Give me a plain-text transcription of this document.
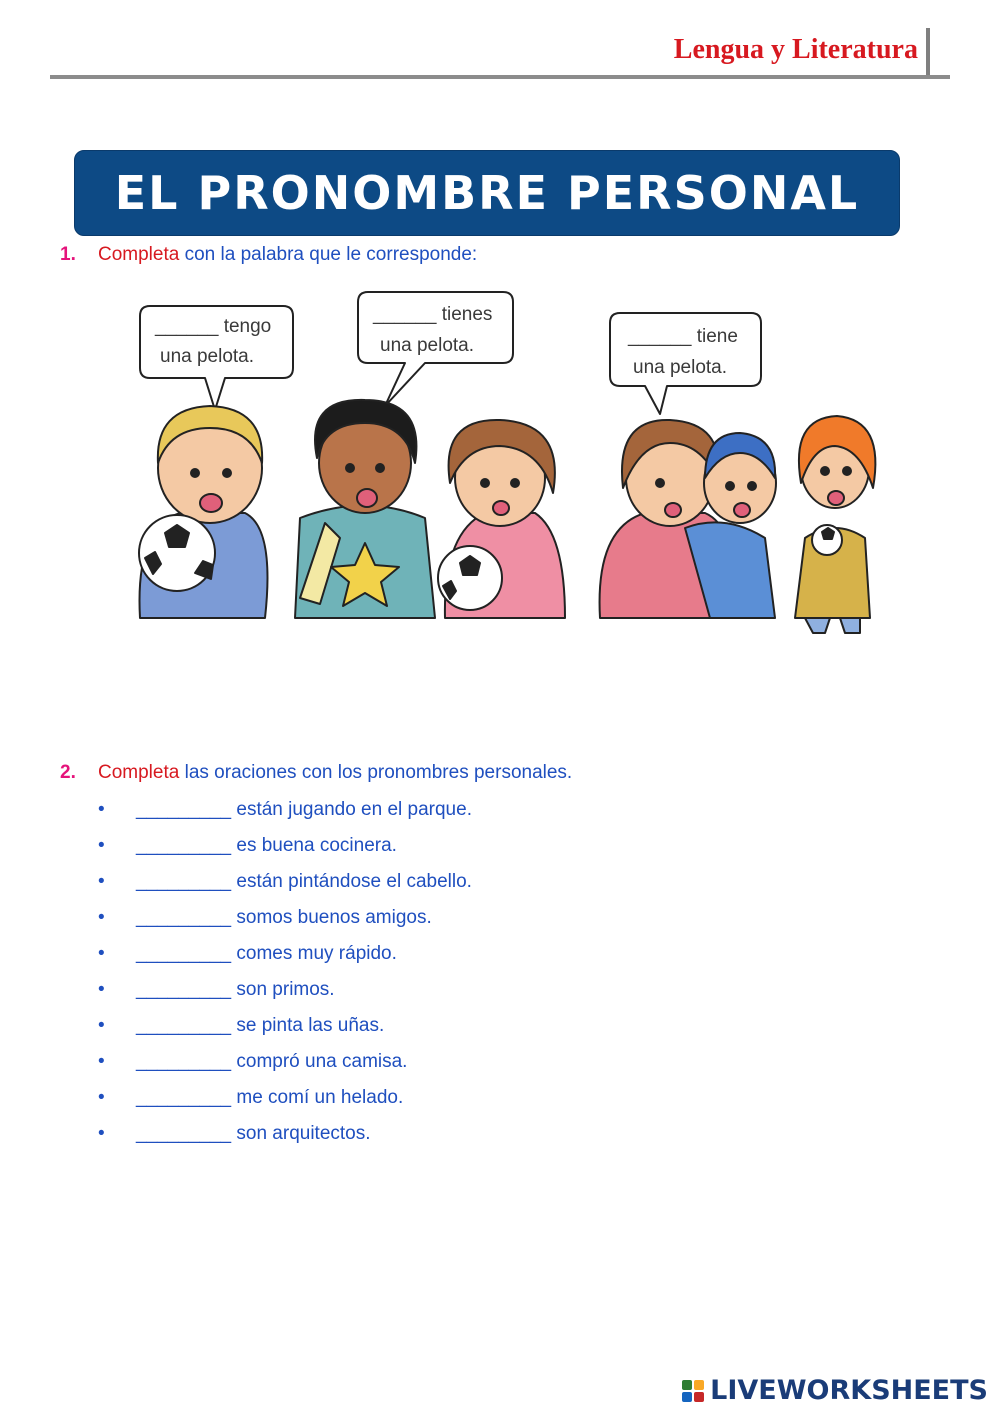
Lengua y Literatura
EL PRONOMBRE PERSONAL
1. Completa con la palabra que le corresponde:
______ tengo
una pelota.
______ tienes
una pelota.	______ tiene
una pelota.
2. Completa las oraciones con los pronombres personales.
• _________ están jugando en el parque.
• _________ es buena cocinera.
• _________ están pintándose el cabello.
• _________ somos buenos amigos.
• _________ comes muy rápido.
• _________ son primos.
• _________ se pinta las uñas.
• _________ compró una camisa.
• _________ me comí un helado.
• _________ son arquitectos.
LIVEWORKSHEETS
